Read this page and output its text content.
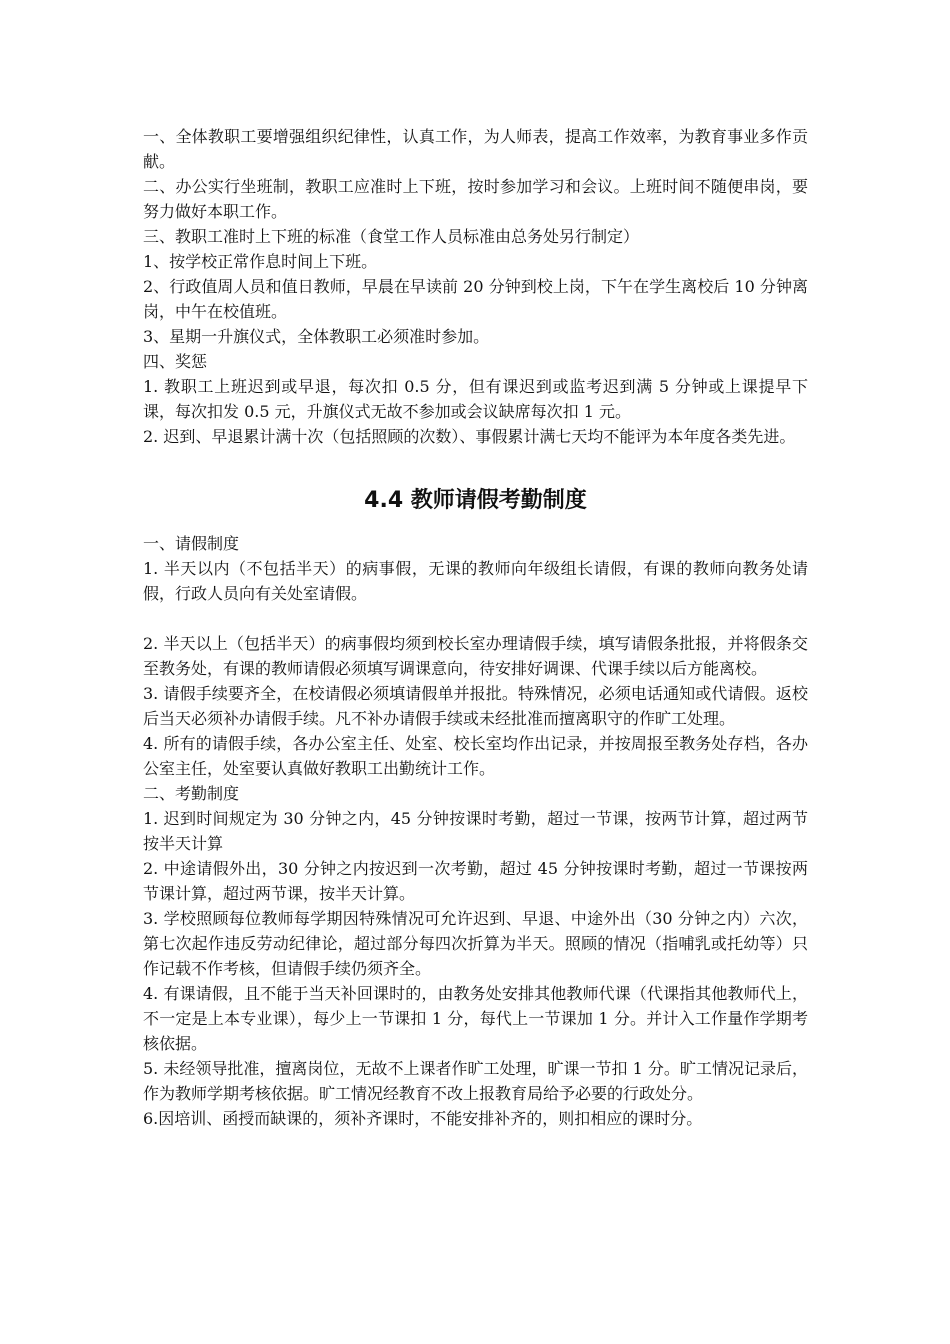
一、全体教职工要增强组织纪律性，认真工作，为人师表，提高工作效率，为教育事业多作贡献。

二、办公实行坐班制，教职工应准时上下班，按时参加学习和会议。上班时间不随便串岗，要努力做好本职工作。

三、教职工准时上下班的标准（食堂工作人员标准由总务处另行制定）

1、按学校正常作息时间上下班。

2、行政值周人员和值日教师，早晨在早读前 20 分钟到校上岗，下午在学生离校后 10 分钟离岗，中午在校值班。

3、星期一升旗仪式，全体教职工必须准时参加。

四、奖惩

1. 教职工上班迟到或早退，每次扣 0.5 分，但有课迟到或监考迟到满 5 分钟或上课提早下课，每次扣发 0.5 元，升旗仪式无故不参加或会议缺席每次扣 1 元。

2. 迟到、早退累计满十次（包括照顾的次数）、事假累计满七天均不能评为本年度各类先进。

4.4 教师请假考勤制度

一、请假制度

1. 半天以内（不包括半天）的病事假，无课的教师向年级组长请假，有课的教师向教务处请假，行政人员向有关处室请假。

2. 半天以上（包括半天）的病事假均须到校长室办理请假手续，填写请假条批报，并将假条交至教务处，有课的教师请假必须填写调课意向，待安排好调课、代课手续以后方能离校。

3. 请假手续要齐全，在校请假必须填请假单并报批。特殊情况，必须电话通知或代请假。返校后当天必须补办请假手续。凡不补办请假手续或未经批准而擅离职守的作旷工处理。

4. 所有的请假手续，各办公室主任、处室、校长室均作出记录，并按周报至教务处存档，各办公室主任，处室要认真做好教职工出勤统计工作。

二、考勤制度

1. 迟到时间规定为 30 分钟之内，45 分钟按课时考勤，超过一节课，按两节计算，超过两节按半天计算

2. 中途请假外出，30 分钟之内按迟到一次考勤，超过 45 分钟按课时考勤，超过一节课按两节课计算，超过两节课，按半天计算。

3. 学校照顾每位教师每学期因特殊情况可允许迟到、早退、中途外出（30 分钟之内）六次，第七次起作违反劳动纪律论，超过部分每四次折算为半天。照顾的情况（指哺乳或托幼等）只作记载不作考核，但请假手续仍须齐全。

4. 有课请假，且不能于当天补回课时的，由教务处安排其他教师代课（代课指其他教师代上，不一定是上本专业课），每少上一节课扣 1 分，每代上一节课加 1 分。并计入工作量作学期考核依据。

5. 未经领导批准，擅离岗位，无故不上课者作旷工处理，旷课一节扣 1 分。旷工情况记录后，作为教师学期考核依据。旷工情况经教育不改上报教育局给予必要的行政处分。

6.因培训、函授而缺课的，须补齐课时，不能安排补齐的，则扣相应的课时分。
